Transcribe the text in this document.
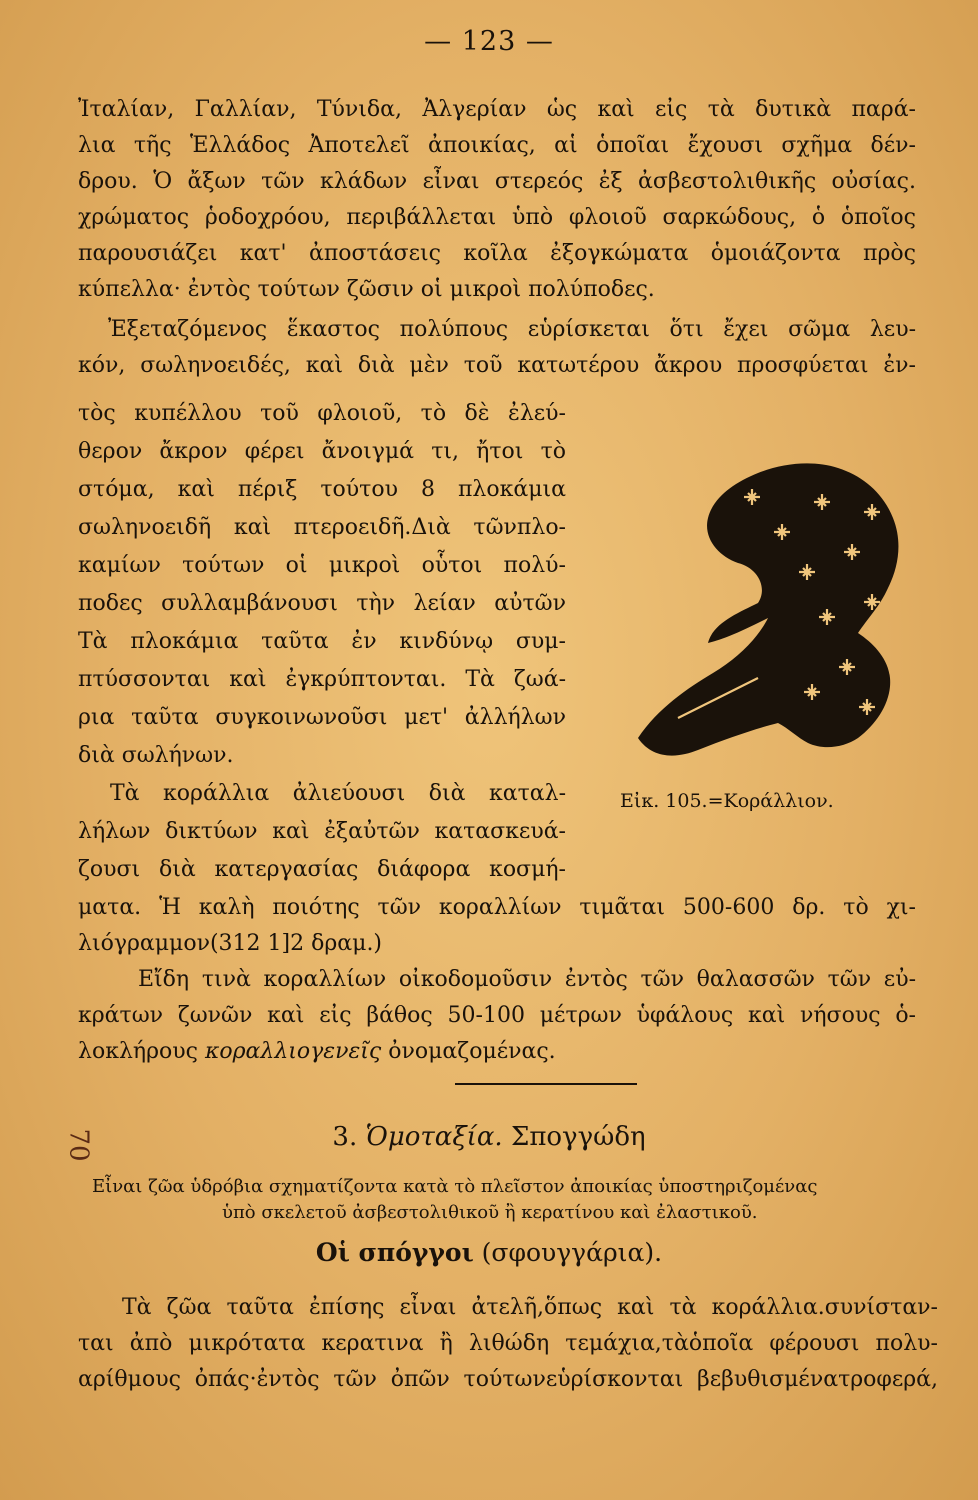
— 123 —
Ἰταλίαν, Γαλλίαν, Τύνιδα, Ἀλγερίαν ὡς καὶ εἰς τὰ δυτικὰ παρά-
λια τῆς Ἑλλάδος Ἀποτελεῖ ἀποικίας, αἱ ὁποῖαι ἔχουσι σχῆμα δέν-
δρου. Ὁ ἄξων τῶν κλάδων εἶναι στερεός ἐξ ἀσβεστολιθικῆς οὐσίας.
χρώματος ῥοδοχρόου, περιβάλλεται ὑπὸ φλοιοῦ σαρκώδους, ὁ ὁποῖος
παρουσιάζει κατ' ἀποστάσεις κοῖλα ἐξογκώματα ὁμοιάζοντα πρὸς
κύπελλα· ἐντὸς τούτων ζῶσιν οἱ μικροὶ πολύποδες.
Ἐξεταζόμενος ἕκαστος πολύπους εὑρίσκεται ὅτι ἔχει σῶμα λευ-
κόν, σωληνοειδές, καὶ διὰ μὲν τοῦ κατωτέρου ἄκρου προσφύεται ἐν-
τὸς κυπέλλου τοῦ φλοιοῦ, τὸ δὲ ἐλεύ-
θερον ἄκρον φέρει ἄνοιγμά τι, ἤτοι τὸ
στόμα, καὶ πέριξ τούτου 8 πλοκάμια
σωληνοειδῆ καὶ πτεροειδῆ.Διὰ τῶνπλο-
καμίων τούτων οἱ μικροὶ οὗτοι πολύ-
ποδες συλλαμβάνουσι τὴν λείαν αὐτῶν
Τὰ πλοκάμια ταῦτα ἐν κινδύνῳ συμ-
πτύσσονται καὶ ἐγκρύπτονται. Τὰ ζωά-
ρια ταῦτα συγκοινωνοῦσι μετ' ἀλλήλων
διὰ σωλήνων.
Τὰ κοράλλια ἀλιεύουσι διὰ καταλ-
λήλων δικτύων καὶ ἐξαὐτῶν κατασκευά-
ζουσι διὰ κατεργασίας διάφορα κοσμή-
Εἰκ. 105.=Κοράλλιον.
ματα. Ἡ καλὴ ποιότης τῶν κοραλλίων τιμᾶται 500-600 δρ. τὸ χι-
λιόγραμμον(312 1]2 δραμ.)
Εἴδη τινὰ κοραλλίων οἰκοδομοῦσιν ἐντὸς τῶν θαλασσῶν τῶν εὐ-
κράτων ζωνῶν καὶ εἰς βάθος 50-100 μέτρων ὑφάλους καὶ νήσους ὁ-
λοκλήρους κοραλλιογενεῖς ὀνομαζομένας.
70	3. Ὁμοταξία. Σπογγώδη
Εἶναι ζῶα ὑδρόβια σχηματίζοντα κατὰ τὸ πλεῖστον ἀποικίας ὑποστηριζομένας
ὑπὸ σκελετοῦ ἀσβεστολιθικοῦ ἢ κερατίνου καὶ ἐλαστικοῦ.
Οἱ σπόγγοι (σφουγγάρια).
Τὰ ζῶα ταῦτα ἐπίσης εἶναι ἀτελῆ,ὅπως καὶ τὰ κοράλλια.συνίσταν-
ται ἀπὸ μικρότατα κερατινα ἢ λιθώδη τεμάχια,τὰὁποῖα φέρουσι πολυ-
αρίθμους ὀπάς·ἐντὸς τῶν ὀπῶν τούτωνεὑρίσκονται βεβυθισμένατροφερά,
